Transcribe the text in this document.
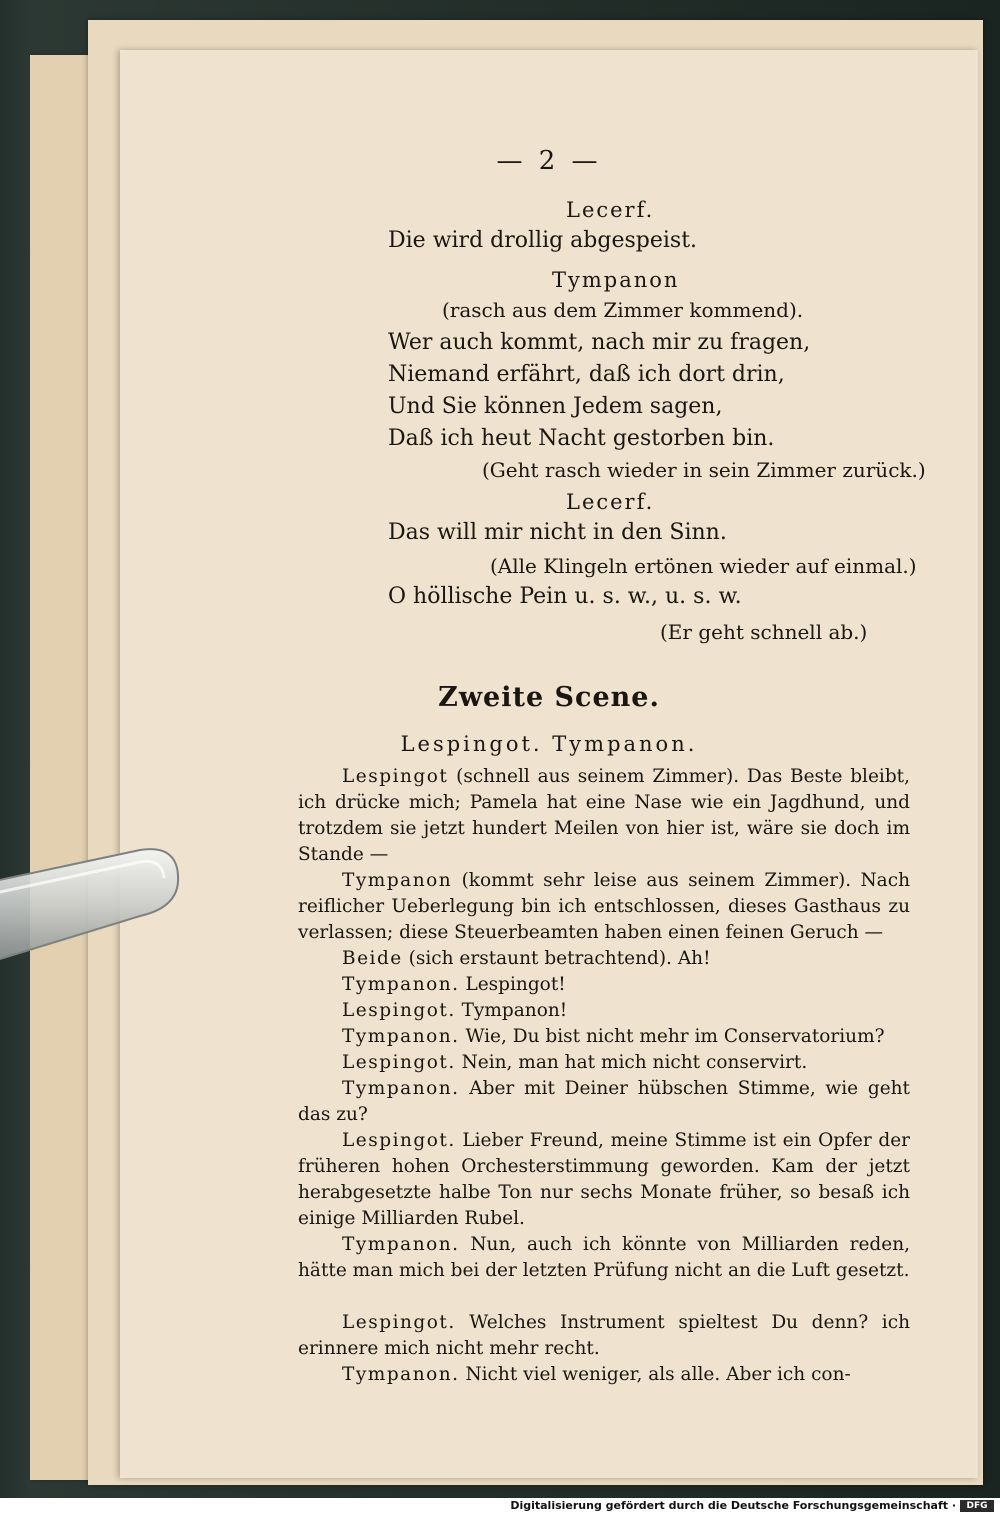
— 2 —
Lecerf.
Die wird drollig abgespeist.
Tympanon
(rasch aus dem Zimmer kommend).
Wer auch kommt, nach mir zu fragen,
Niemand erfährt, daß ich dort drin,
Und Sie können Jedem sagen,
Daß ich heut Nacht gestorben bin.
(Geht rasch wieder in sein Zimmer zurück.)
Lecerf.
Das will mir nicht in den Sinn.
(Alle Klingeln ertönen wieder auf einmal.)
O höllische Pein u. s. w., u. s. w.
(Er geht schnell ab.)
Zweite Scene.
Lespingot. Tympanon.
Lespingot (schnell aus seinem Zimmer). Das Beste bleibt, ich drücke mich; Pamela hat eine Nase wie ein Jagdhund, und trotzdem sie jetzt hundert Meilen von hier ist, wäre sie doch im Stande —
Tympanon (kommt sehr leise aus seinem Zimmer). Nach reiflicher Ueberlegung bin ich entschlossen, dieses Gasthaus zu verlassen; diese Steuerbeamten haben einen feinen Geruch —
Beide (sich erstaunt betrachtend). Ah!
Tympanon. Lespingot!
Lespingot. Tympanon!
Tympanon. Wie, Du bist nicht mehr im Conservatorium?
Lespingot. Nein, man hat mich nicht conservirt.
Tympanon. Aber mit Deiner hübschen Stimme, wie geht das zu?
Lespingot. Lieber Freund, meine Stimme ist ein Opfer der früheren hohen Orchesterstimmung geworden. Kam der jetzt herabgesetzte halbe Ton nur sechs Monate früher, so besaß ich einige Milliarden Rubel.
Tympanon. Nun, auch ich könnte von Milliarden reden, hätte man mich bei der letzten Prüfung nicht an die Luft gesetzt.
Lespingot. Welches Instrument spieltest Du denn? ich erinnere mich nicht mehr recht.
Tympanon. Nicht viel weniger, als alle. Aber ich con-
Digitalisierung gefördert durch die Deutsche Forschungsgemeinschaft ·	DFG
